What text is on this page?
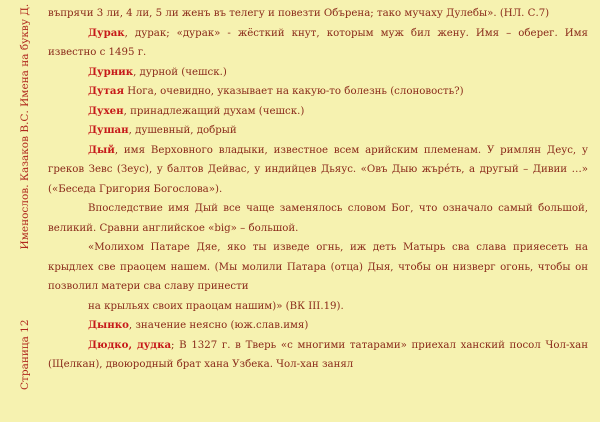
Страница 12Именослов. Казаков В.С. Имена на букву Д. въпрячи 3 ли, 4 ли, 5 ли женъ въ телегу и повезти Обърена; тако мучаху Дулебы». (НЛ. С.7)

Дурак, дурак; «дурак» - жёсткий кнут, которым муж бил жену. Имя – оберег. Имя известно с 1495 г.

Дурник, дурной (чешск.)

Дутая Нога, очевидно, указывает на какую-то болезнь (слоновость?)

Духен, принадлежащий духам (чешск.)

Душан, душевный, добрый

Дый, имя Верховного владыки, известное всем арийским племенам. У римлян Деус, у греков Зевс (Зеус), у балтов Дейвас, у индийцев Дьяус. «Овъ Дыю жърéть, а другый – Дивии …» («Беседа Григория Богослова»).

Впоследствие имя Дый все чаще заменялось словом Бог, что означало самый большой, великий. Сравни английское «big» – большой.

«Молихом Патаре Дяе, яко ты изведе огнь, иж деть Матырь сва слава прияесеть на крыдлех све праоцем нашем. (Мы молили Патара (отца) Дыя, чтобы он низверг огонь, чтобы он позволил матери сва славу принести

на крыльях своих праоцам нашим)» (ВК III.19).

Дынко, значение неясно (юж.слав.имя)

Дюдко, дудка; В 1327 г. в Тверь «с многими татарами» приехал ханский посол Чол-хан (Щелкан), двоюродный брат хана Узбека. Чол-хан занял
